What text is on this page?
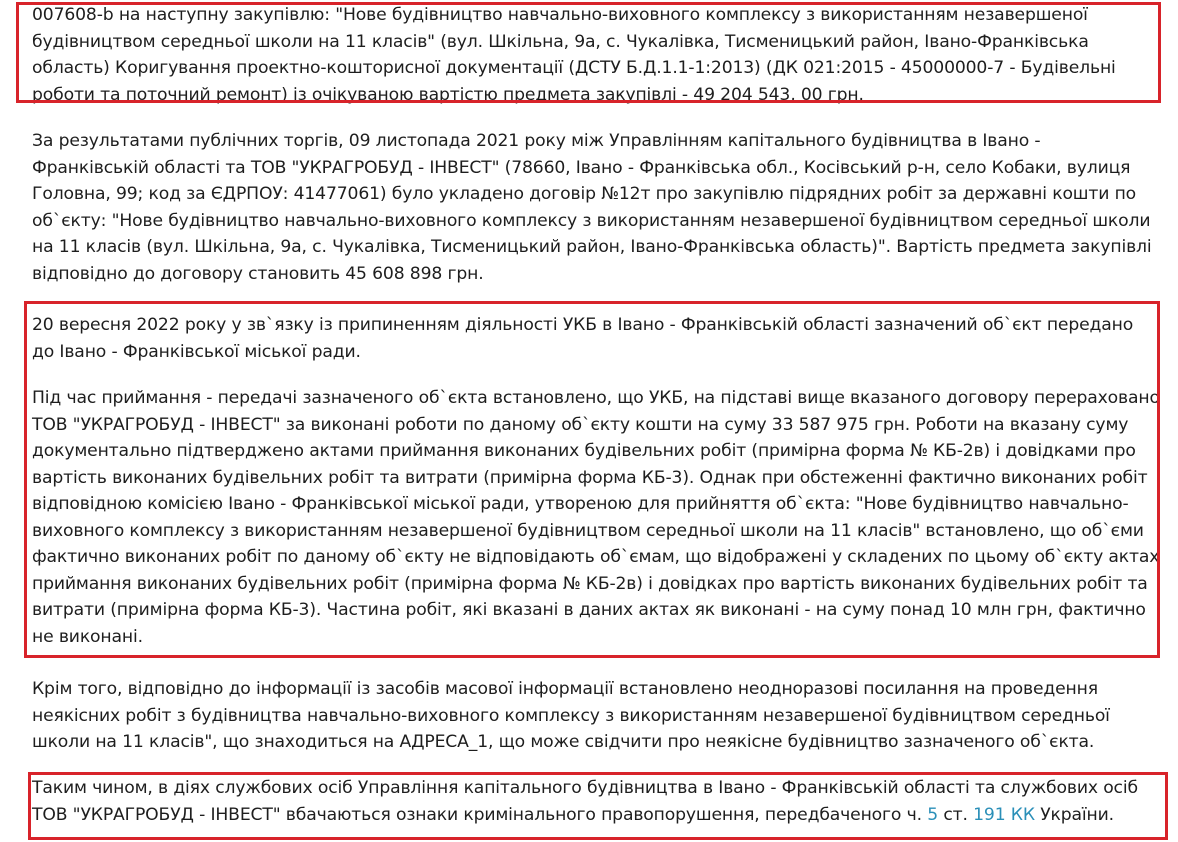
007608-b на наступну закупівлю: "Нове будівництво навчально-виховного комплексу з використанням незавершеної будівництвом середньої школи на 11 класів" (вул. Шкільна, 9а, с. Чукалівка, Тисменицький район, Івано-Франківська область) Коригування проектно-кошторисної документації (ДСТУ Б.Д.1.1-1:2013) (ДК 021:2015 - 45000000-7 - Будівельні роботи та поточний ремонт) із очікуваною вартістю предмета закупівлі - 49 204 543, 00 грн.

За результатами публічних торгів, 09 листопада 2021 року між Управлінням капітального будівництва в Івано - Франківській області та ТОВ "УКРАГРОБУД - ІНВЕСТ" (78660, Івано - Франківська обл., Косівський р-н, село Кобаки, вулиця Головна, 99; код за ЄДРПОУ: 41477061) було укладено договір №12т про закупівлю підрядних робіт за державні кошти по об`єкту: "Нове будівництво навчально-виховного комплексу з використанням незавершеної будівництвом середньої школи на 11 класів (вул. Шкільна, 9а, с. Чукалівка, Тисменицький район, Івано-Франківська область)". Вартість предмета закупівлі відповідно до договору становить 45 608 898 грн.

20 вересня 2022 року у зв`язку із припиненням діяльності УКБ в Івано - Франківській області зазначений об`єкт передано до Івано - Франківської міської ради.

Під час приймання - передачі зазначеного об`єкта встановлено, що УКБ, на підставі вище вказаного договору перераховано ТОВ "УКРАГРОБУД - ІНВЕСТ" за виконані роботи по даному об`єкту кошти на суму 33 587 975 грн. Роботи на вказану суму документально підтверджено актами приймання виконаних будівельних робіт (примірна форма № КБ-2в) і довідками про вартість виконаних будівельних робіт та витрати (примірна форма КБ-3). Однак при обстеженні фактично виконаних робіт відповідною комісією Івано - Франківської міської ради, утвореною для прийняття об`єкта: "Нове будівництво навчально-виховного комплексу з використанням незавершеної будівництвом середньої школи на 11 класів" встановлено, що об`єми фактично виконаних робіт по даному об`єкту не відповідають об`ємам, що відображені у складених по цьому об`єкту актах приймання виконаних будівельних робіт (примірна форма № КБ-2в) і довідках про вартість виконаних будівельних робіт та витрати (примірна форма КБ-3). Частина робіт, які вказані в даних актах як виконані - на суму понад 10 млн грн, фактично не виконані.

Крім того, відповідно до інформації із засобів масової інформації встановлено неодноразові посилання на проведення неякісних робіт з будівництва навчально-виховного комплексу з використанням незавершеної будівництвом середньої школи на 11 класів", що знаходиться на АДРЕСА_1, що може свідчити про неякісне будівництво зазначеного об`єкта.

Таким чином, в діях службових осіб Управління капітального будівництва в Івано - Франківській області та службових осіб ТОВ "УКРАГРОБУД - ІНВЕСТ" вбачаються ознаки кримінального правопорушення, передбаченого ч. 5 ст. 191 КК України.
